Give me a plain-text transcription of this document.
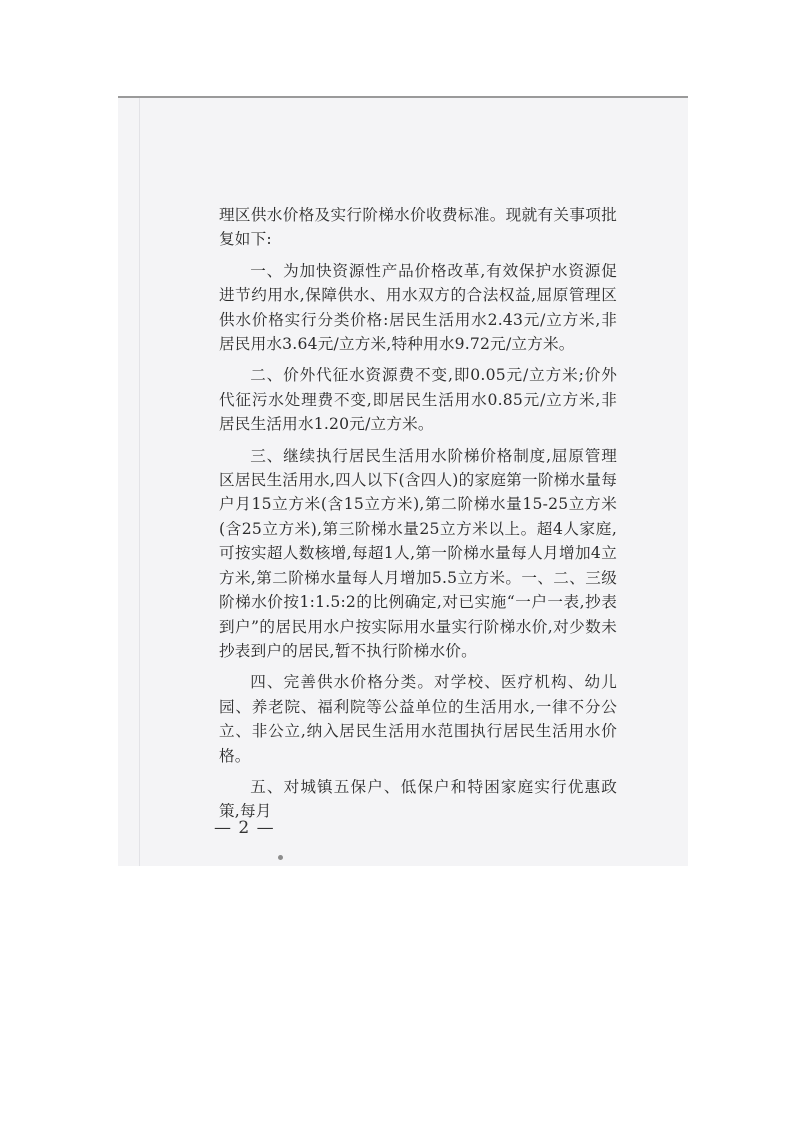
理区供水价格及实行阶梯水价收费标准。现就有关事项批复如下:

一、为加快资源性产品价格改革,有效保护水资源促进节约用水,保障供水、用水双方的合法权益,屈原管理区供水价格实行分类价格:居民生活用水2.43元/立方米,非居民用水3.64元/立方米,特种用水9.72元/立方米。

二、价外代征水资源费不变,即0.05元/立方米;价外代征污水处理费不变,即居民生活用水0.85元/立方米,非居民生活用水1.20元/立方米。

三、继续执行居民生活用水阶梯价格制度,屈原管理区居民生活用水,四人以下(含四人)的家庭第一阶梯水量每户月15立方米(含15立方米),第二阶梯水量15-25立方米(含25立方米),第三阶梯水量25立方米以上。超4人家庭,可按实超人数核增,每超1人,第一阶梯水量每人月增加4立方米,第二阶梯水量每人月增加5.5立方米。一、二、三级阶梯水价按1:1.5:2的比例确定,对已实施“一户一表,抄表到户”的居民用水户按实际用水量实行阶梯水价,对少数未抄表到户的居民,暂不执行阶梯水价。

四、完善供水价格分类。对学校、医疗机构、幼儿园、养老院、福利院等公益单位的生活用水,一律不分公立、非公立,纳入居民生活用水范围执行居民生活用水价格。

五、对城镇五保户、低保户和特困家庭实行优惠政策,每月

— 2 —
